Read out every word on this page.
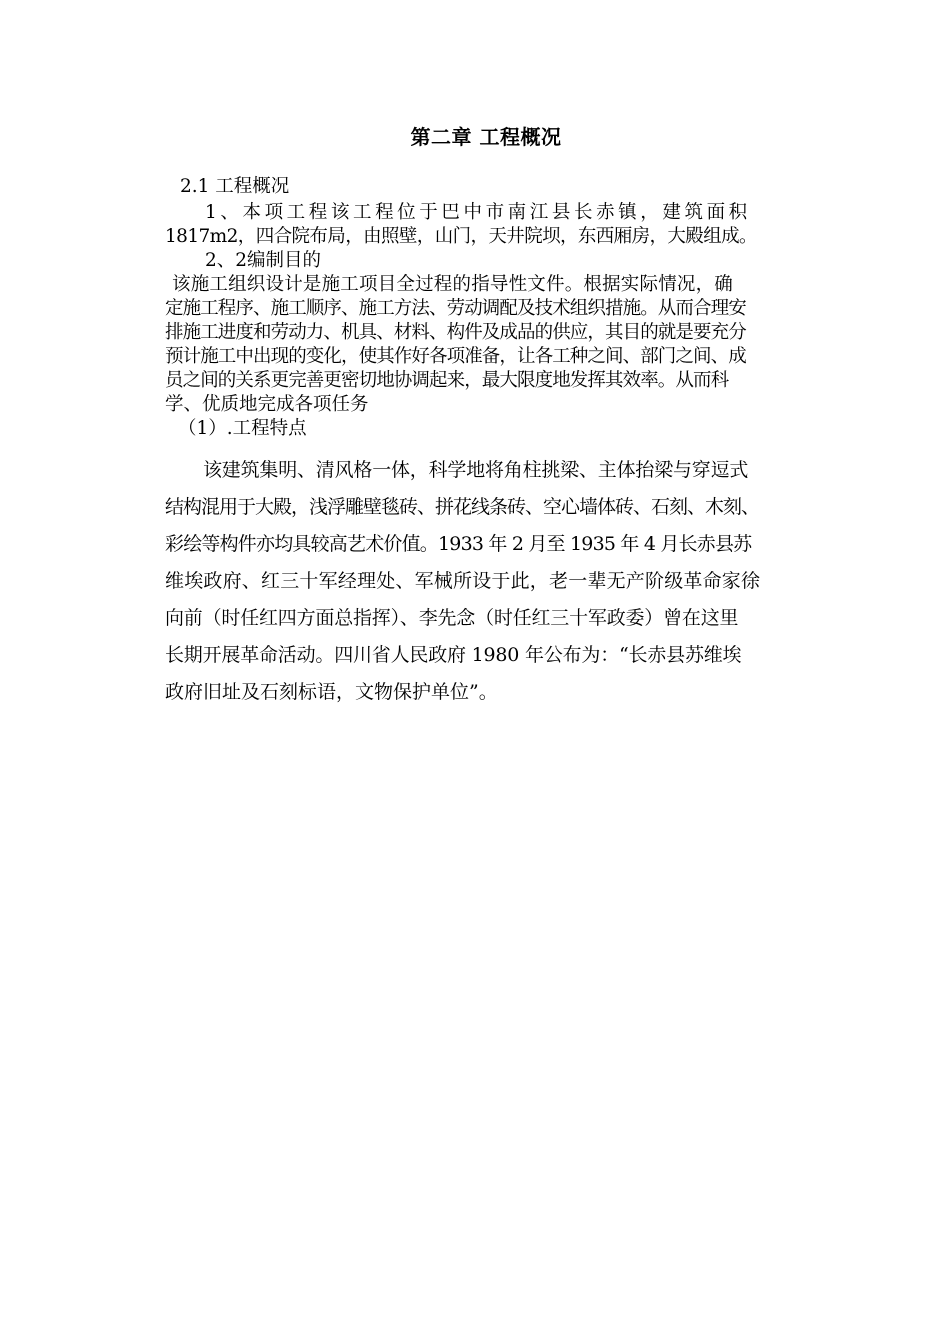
第二章 工程概况
2.1 工程概况
1、本项工程该工程位于巴中市南江县长赤镇，建筑面积
1817m2，四合院布局，由照壁，山门，天井院坝，东西厢房，大殿组成。
2、2编制目的
该施工组织设计是施工项目全过程的指导性文件。根据实际情况，确
定施工程序、施工顺序、施工方法、劳动调配及技术组织措施。从而合理安
排施工进度和劳动力、机具、材料、构件及成品的供应，其目的就是要充分
预计施工中出现的变化，使其作好各项准备，让各工种之间、部门之间、成
员之间的关系更完善更密切地协调起来，最大限度地发挥其效率。从而科
学、优质地完成各项任务
（1）.工程特点
该建筑集明、清风格一体，科学地将角柱挑梁、主体抬梁与穿逗式
结构混用于大殿，浅浮雕壁毯砖、拼花线条砖、空心墙体砖、石刻、木刻、
彩绘等构件亦均具较高艺术价值。1933 年 2 月至 1935 年 4 月长赤县苏
维埃政府、红三十军经理处、军械所设于此，老一辈无产阶级革命家徐
向前（时任红四方面总指挥）、李先念（时任红三十军政委）曾在这里
长期开展革命活动。四川省人民政府 1980 年公布为：“长赤县苏维埃
政府旧址及石刻标语，文物保护单位”。
